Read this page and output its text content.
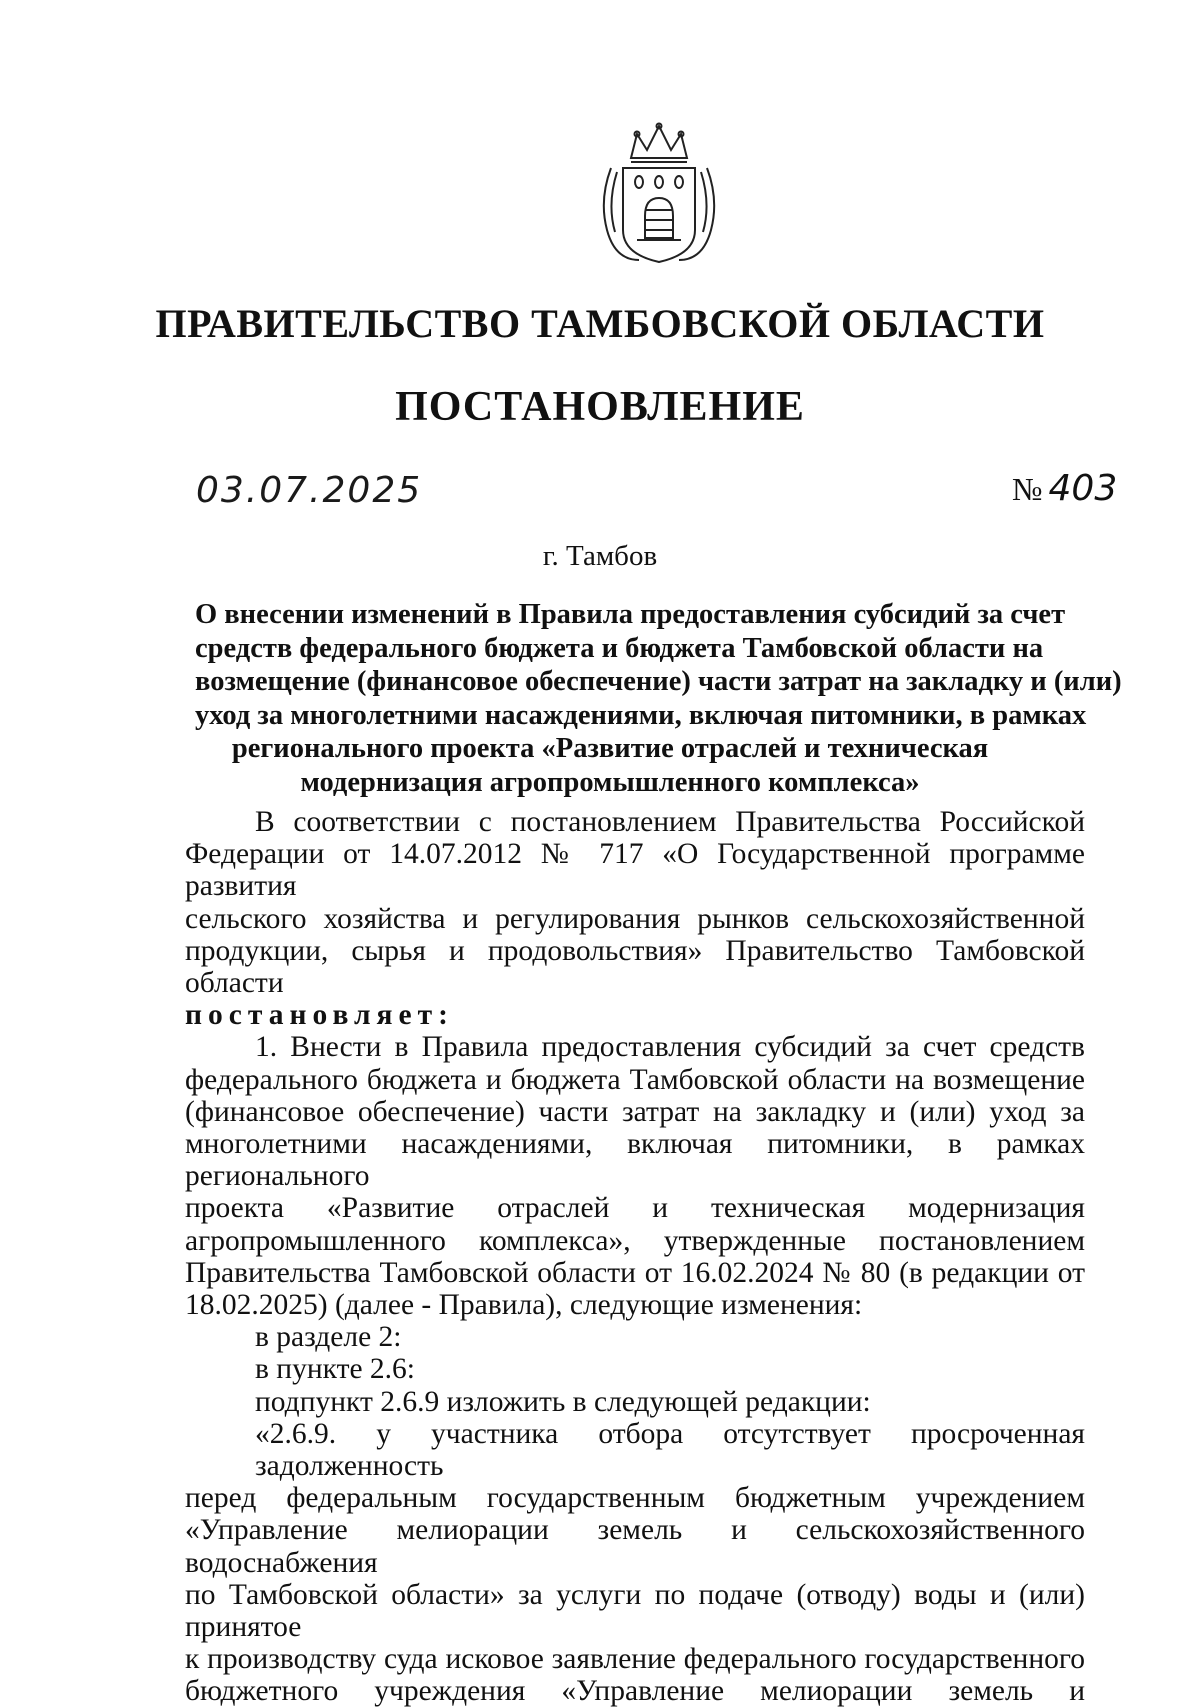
ПРАВИТЕЛЬСТВО ТАМБОВСКОЙ ОБЛАСТИ
ПОСТАНОВЛЕНИЕ
03.07.2025	№ 403
г. Тамбов
О внесении изменений в Правила предоставления субсидий за счет
средств федерального бюджета и бюджета Тамбовской области на
возмещение (финансовое обеспечение) части затрат на закладку и (или)
уход за многолетними насаждениями, включая питомники, в рамках
регионального проекта «Развитие отраслей и техническая
модернизация агропромышленного комплекса»
В соответствии с постановлением Правительства Российской
Федерации от 14.07.2012 № 717 «О Государственной программе развития
сельского хозяйства и регулирования рынков сельскохозяйственной
продукции, сырья и продовольствия» Правительство Тамбовской области
постановляет:
1. Внести в Правила предоставления субсидий за счет средств
федерального бюджета и бюджета Тамбовской области на возмещение
(финансовое обеспечение) части затрат на закладку и (или) уход за
многолетними насаждениями, включая питомники, в рамках регионального
проекта «Развитие отраслей и техническая модернизация
агропромышленного комплекса», утвержденные постановлением
Правительства Тамбовской области от 16.02.2024 № 80 (в редакции от
18.02.2025) (далее - Правила), следующие изменения:
в разделе 2:
в пункте 2.6:
подпункт 2.6.9 изложить в следующей редакции:
«2.6.9. у участника отбора отсутствует просроченная задолженность
перед федеральным государственным бюджетным учреждением
«Управление мелиорации земель и сельскохозяйственного водоснабжения
по Тамбовской области» за услуги по подаче (отводу) воды и (или) принятое
к производству суда исковое заявление федерального государственного
бюджетного учреждения «Управление мелиорации земель и
